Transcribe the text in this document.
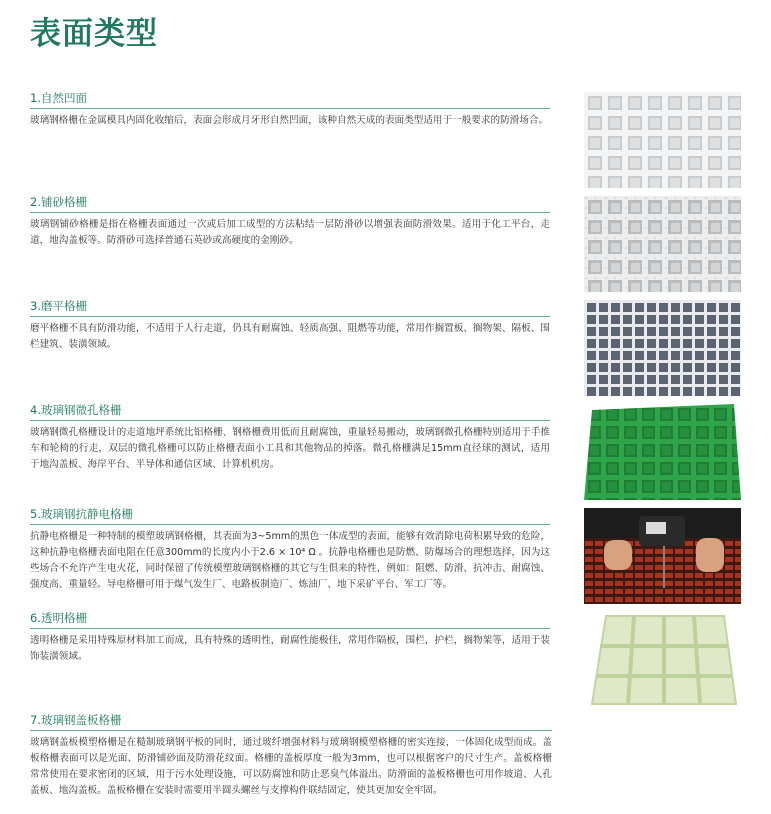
表面类型
1.自然凹面
玻璃钢格栅在金属模具内固化收缩后，表面会形成月牙形自然凹面，该种自然天成的表面类型适用于一般要求的防滑场合。
2.铺砂格栅
玻璃钢铺砂格栅是指在格栅表面通过一次或后加工成型的方法粘结一层防滑砂以增强表面防滑效果。适用于化工平台，走道，地沟盖板等。防滑砂可选择普通石英砂或高硬度的金刚砂。
3.磨平格栅
磨平格栅不具有防滑功能，不适用于人行走道，仍具有耐腐蚀、轻质高强、阻燃等功能，常用作搁置板、搁物架、隔板、围栏建筑、装潢领域。
4.玻璃钢微孔格栅
玻璃钢微孔格栅设计的走道地坪系统比铝格栅、钢格栅费用低而且耐腐蚀，重量轻易搬动，玻璃钢微孔格栅特别适用于手推车和轮椅的行走，双层的微孔格栅可以防止格栅表面小工具和其他物品的掉落。微孔格栅满足15mm直径球的测试，适用于地沟盖板、海岸平台、半导体和通信区域、计算机机房。
5.玻璃钢抗静电格栅
抗静电格栅是一种特制的模塑玻璃钢格栅，其表面为3~5mm的黑色一体成型的表面，能够有效消除电荷积累导致的危险，这种抗静电格栅表面电阻在任意300mm的长度内小于2.6 × 10⁴ Ω 。抗静电格栅也是防燃、防爆场合的理想选择，因为这些场合不允许产生电火花，同时保留了传统模塑玻璃钢格栅的其它与生俱来的特性，例如：阻燃、防滑、抗冲击、耐腐蚀、强度高、重量轻。导电格栅可用于煤气发生厂、电路板制造厂、炼油厂、地下采矿平台、军工厂等。
6.透明格栅
透明格栅是采用特殊原材料加工而成，具有特殊的透明性，耐腐性能极佳，常用作隔板，围栏，护栏，搁物架等，适用于装饰装潢领域。
7.玻璃钢盖板格栅
玻璃钢盖板模塑格栅是在糙制玻璃钢平板的同时，通过玻纤增强材料与玻璃钢模塑格栅的密实连接，一体固化成型而成。盖板格栅表面可以是光面、防滑铺砂面及防滑花纹面。格栅的盖板厚度一般为3mm，也可以根据客户的尺寸生产。盖板格栅常常使用在要求密闭的区域，用于污水处理设施，可以防腐蚀和防止恶臭气体溢出。防滑面的盖板格栅也可用作坡道、人孔盖板、地沟盖板。盖板格栅在安装时需要用半圆头螺丝与支撑构件联结固定，使其更加安全牢固。
